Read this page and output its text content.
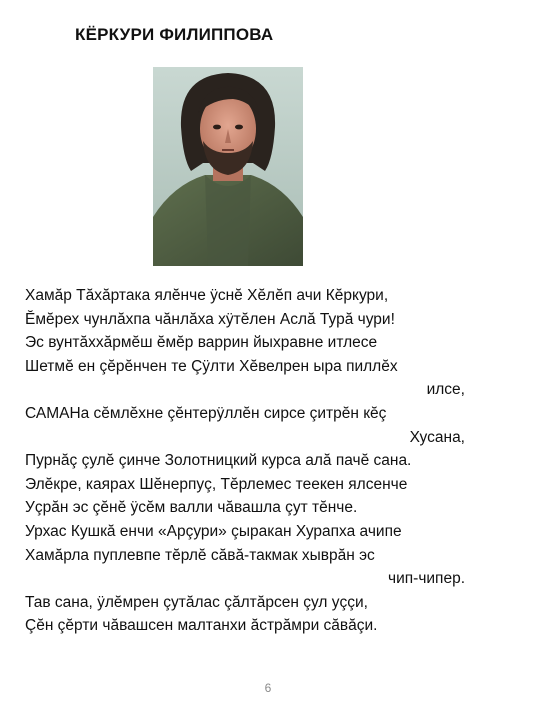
КЁРКУРИ ФИЛИППОВА
Хамăр Тăхăртака ялĕнче ÿснĕ Хĕлĕп ачи Кĕркури,
Ĕмĕрех чунлăхпа чăнлăха хÿтĕлен Аслă Турă чури!
Эс вунтăххăрмĕш ĕмĕр варрин йыхравне итлесе
Шетмĕ ен çĕрĕнчен те Çÿлти Хĕвелрен ыра пиллĕх
илсе,
САМАНа сĕмлĕхне çĕнтерÿллĕн сирсе çитрĕн кĕç
Хусана,
Пурнăç çулĕ çинче Золотницкий курса алă пачĕ сана.
Элĕкре, каярах Шĕнерпуç, Тĕрлемес теекен ялсенче
Уçрăн эс çĕнĕ ÿсĕм валли чăвашла çут тĕнче.
Урхас Кушкă енчи «Арçури» çыракан Хурапха ачипе
Хамăрла пуплевпе тĕрлĕ сăвă-такмак хыврăн эс
чип-чипер.
Тав сана, ÿлĕмрен çутăлас çăлтăрсен çул уççи,
Çĕн çĕрти чăвашсен малтанхи ăстрăмри сăвăçи.
6
